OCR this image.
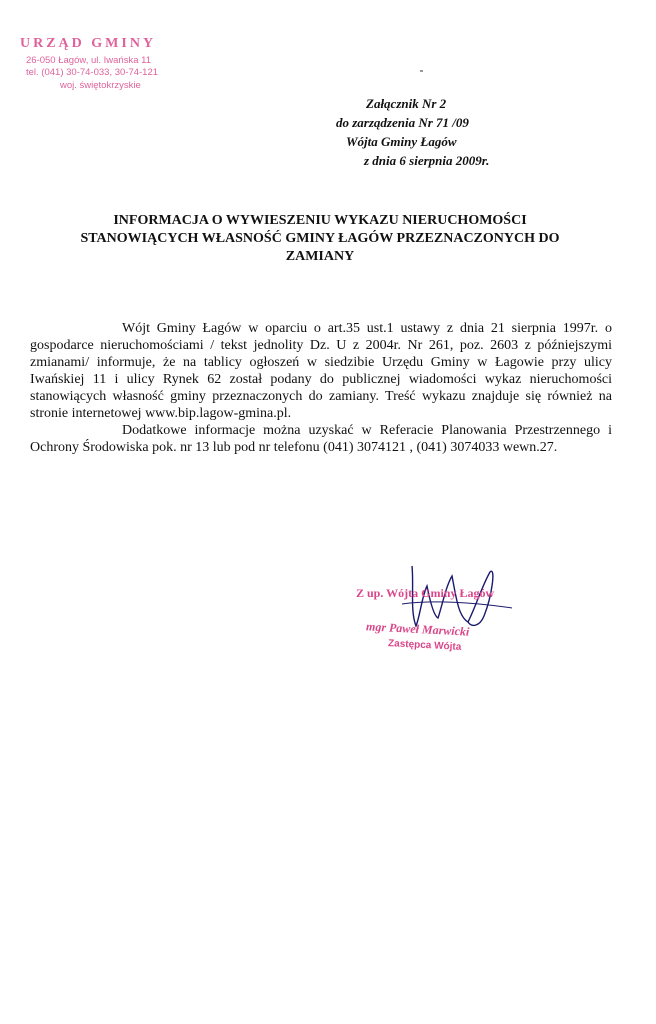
URZĄD GMINY
26-050 Łagów, ul. Iwańska 11
tel. (041) 30-74-033, 30-74-121
woj. świętokrzyskie
Załącznik Nr 2
do zarządzenia Nr 71 /09
Wójta Gminy Łagów
z dnia 6 sierpnia 2009r.
INFORMACJA O WYWIESZENIU WYKAZU NIERUCHOMOŚCI
STANOWIĄCYCH WŁASNOŚĆ GMINY ŁAGÓW PRZEZNACZONYCH DO
ZAMIANY

Wójt Gminy Łagów w oparciu o art.35 ust.1 ustawy z dnia 21 sierpnia 1997r. o gospodarce nieruchomościami / tekst jednolity Dz. U z 2004r. Nr 261, poz. 2603 z późniejszymi zmianami/ informuje, że na tablicy ogłoszeń w siedzibie Urzędu Gminy w Łagowie przy ulicy Iwańskiej 11 i ulicy Rynek 62 został podany do publicznej wiadomości wykaz nieruchomości stanowiących własność gminy przeznaczonych do zamiany. Treść wykazu znajduje się również na stronie internetowej www.bip.lagow-gmina.pl.

Dodatkowe informacje można uzyskać w Referacie Planowania Przestrzennego i Ochrony Środowiska pok. nr 13 lub pod nr telefonu (041) 3074121 , (041) 3074033 wewn.27.

Z up. Wójta Gminy Łagów
mgr Paweł Marwicki
Zastępca Wójta
